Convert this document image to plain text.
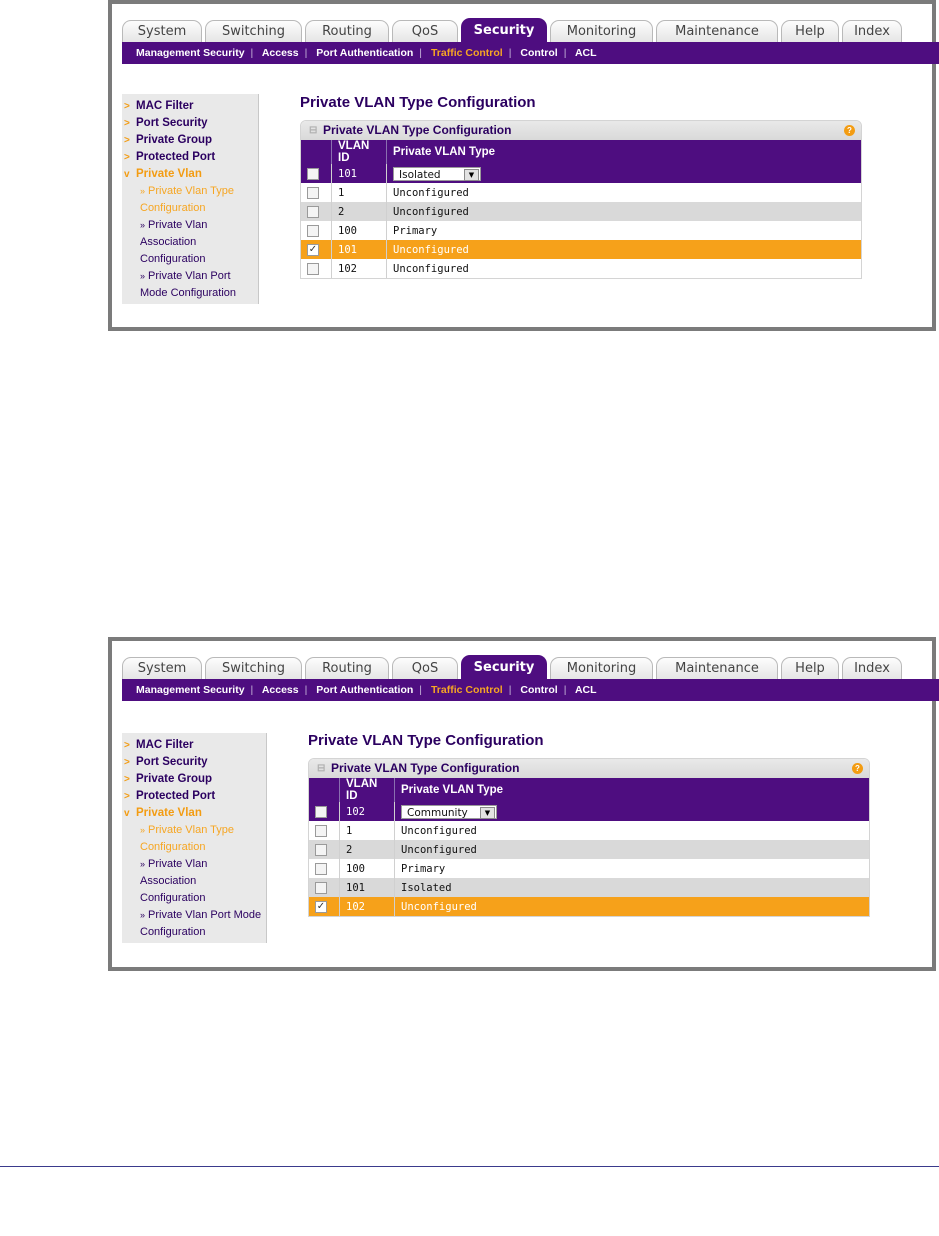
System	Switching	Routing	QoS	Security	Monitoring	Maintenance	Help	Index
Management Security | Access | Port Authentication | Traffic Control | Control | ACL
> MAC Filter
> Port Security
> Private Group
> Protected Port
v Private Vlan
» Private Vlan Type Configuration
» Private Vlan Association Configuration
» Private Vlan Port Mode Configuration
Private VLAN Type Configuration
⊟ Private VLAN Type Configuration	?
	VLAN ID	Private VLAN Type
	101	Isolated ▼

	1	Unconfigured
	2	Unconfigured
	100	Primary
✓	101	Unconfigured
	102	Unconfigured
System	Switching	Routing	QoS	Security	Monitoring	Maintenance	Help	Index
Management Security | Access | Port Authentication | Traffic Control | Control | ACL
> MAC Filter
> Port Security
> Private Group
> Protected Port
v Private Vlan
» Private Vlan Type Configuration
» Private Vlan Association Configuration
» Private Vlan Port Mode Configuration
Private VLAN Type Configuration
⊟ Private VLAN Type Configuration	?
	VLAN ID	Private VLAN Type
	102	Community ▼

	1	Unconfigured
	2	Unconfigured
	100	Primary
	101	Isolated
✓	102	Unconfigured
